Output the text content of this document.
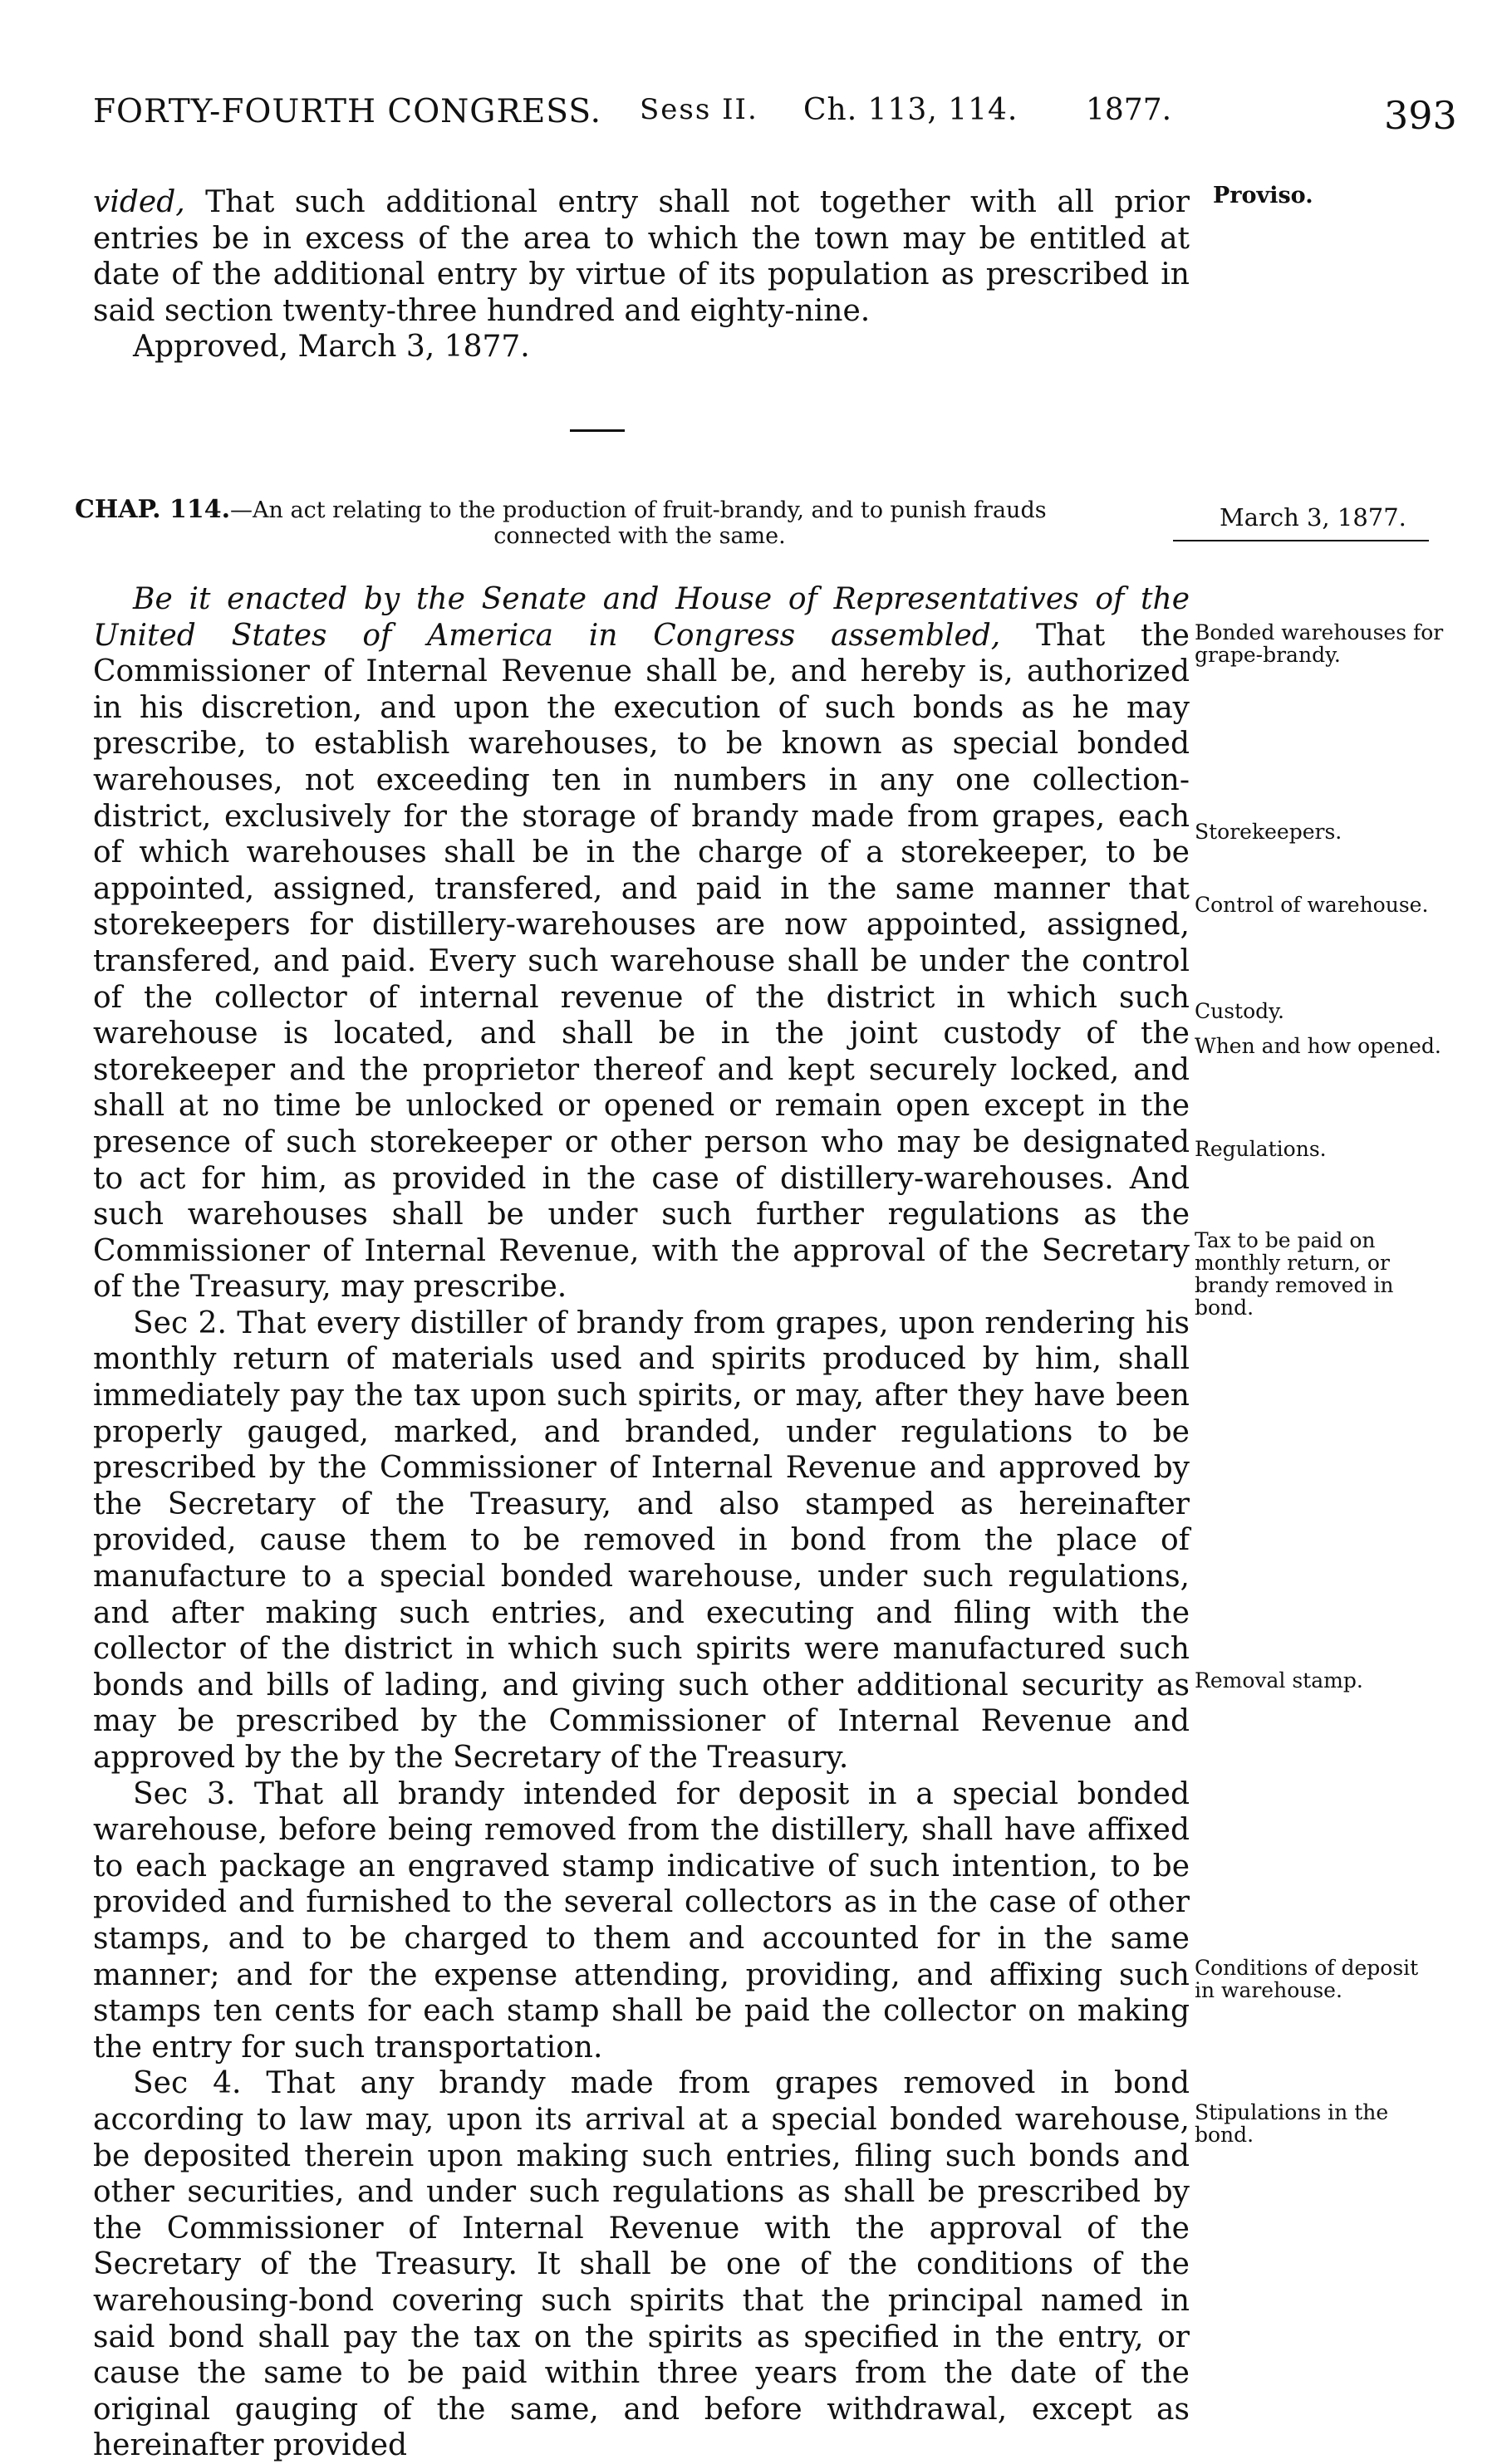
FORTY-FOURTH CONGRESS. Sess II. Ch. 113, 114. 1877.	393

vided, That such additional entry shall not together with all prior entries be in excess of the area to which the town may be entitled at date of the additional entry by virtue of its population as prescribed in said section twenty-three hundred and eighty-nine.

Approved, March 3, 1877.

CHAP. 114.—An act relating to the production of fruit-brandy, and to punish frauds
connected with the same.
March 3, 1877.

Be it enacted by the Senate and House of Representatives of the United States of America in Congress assembled, That the Commissioner of Internal Revenue shall be, and hereby is, authorized in his discretion, and upon the execution of such bonds as he may prescribe, to establish warehouses, to be known as special bonded warehouses, not exceeding ten in numbers in any one collection-district, exclusively for the storage of brandy made from grapes, each of which warehouses shall be in the charge of a storekeeper, to be appointed, assigned, transfered, and paid in the same manner that storekeepers for distillery-warehouses are now appointed, assigned, transfered, and paid. Every such warehouse shall be under the control of the collector of internal revenue of the district in which such warehouse is located, and shall be in the joint custody of the storekeeper and the proprietor thereof and kept securely locked, and shall at no time be unlocked or opened or remain open except in the presence of such storekeeper or other person who may be designated to act for him, as provided in the case of distillery-warehouses. And such warehouses shall be under such further regulations as the Commissioner of Internal Revenue, with the approval of the Secretary of the Treasury, may prescribe.

Sec 2. That every distiller of brandy from grapes, upon rendering his monthly return of materials used and spirits produced by him, shall immediately pay the tax upon such spirits, or may, after they have been properly gauged, marked, and branded, under regulations to be prescribed by the Commissioner of Internal Revenue and approved by the Secretary of the Treasury, and also stamped as hereinafter provided, cause them to be removed in bond from the place of manufacture to a special bonded warehouse, under such regulations, and after making such entries, and executing and filing with the collector of the district in which such spirits were manufactured such bonds and bills of lading, and giving such other additional security as may be prescribed by the Commissioner of Internal Revenue and approved by the by the Secretary of the Treasury.

Sec 3. That all brandy intended for deposit in a special bonded warehouse, before being removed from the distillery, shall have affixed to each package an engraved stamp indicative of such intention, to be provided and furnished to the several collectors as in the case of other stamps, and to be charged to them and accounted for in the same manner; and for the expense attending, providing, and affixing such stamps ten cents for each stamp shall be paid the collector on making the entry for such transportation.

Sec 4. That any brandy made from grapes removed in bond according to law may, upon its arrival at a special bonded warehouse, be deposited therein upon making such entries, filing such bonds and other securities, and under such regulations as shall be prescribed by the Commissioner of Internal Revenue with the approval of the Secretary of the Treasury. It shall be one of the conditions of the warehousing-bond covering such spirits that the principal named in said bond shall pay the tax on the spirits as specified in the entry, or cause the same to be paid within three years from the date of the original gauging of the same, and before withdrawal, except as hereinafter provided

Proviso.
Bonded warehouses for grape-brandy.
Storekeepers.
Control of warehouse.
Custody.
When and how opened.
Regulations.
Tax to be paid on monthly return, or brandy removed in bond.
Removal stamp.
Conditions of deposit in warehouse.
Stipulations in the bond.
